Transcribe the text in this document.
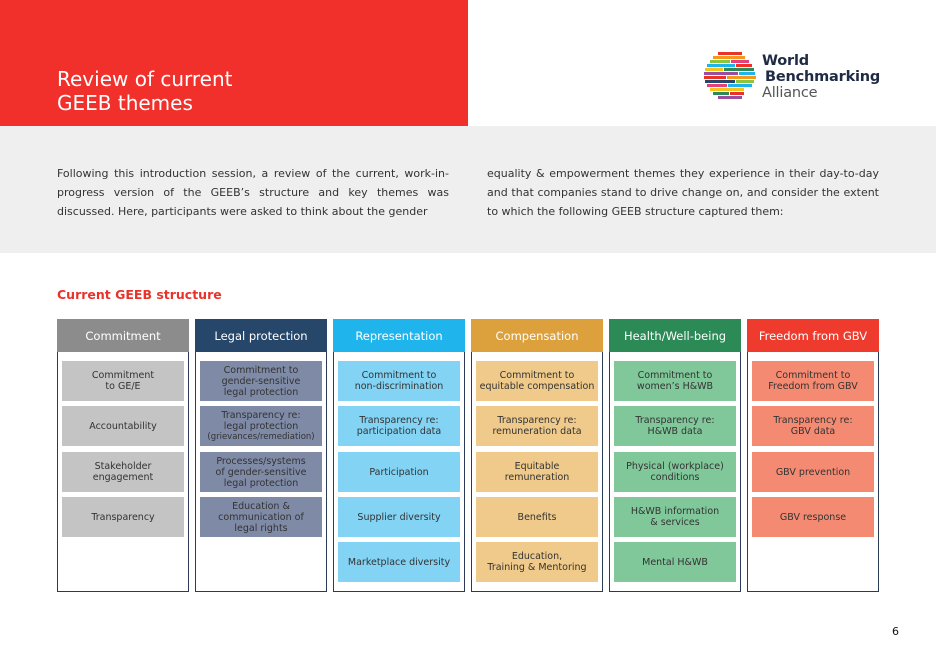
Review of current
GEEB themes
World
Benchmarking
Alliance

Following this introduction session, a review of the current, work-in-progress version of the GEEB’s structure and key themes was discussed. Here, participants were asked to think about the gender

equality & empowerment themes they experience in their day-to-day and that companies stand to drive change on, and consider the extent to which the following GEEB structure captured them:

Current GEEB structure
Commitment
Commitment
to GE/E
Accountability
Stakeholder
engagement
Transparency
Legal protection
Commitment to
gender-sensitive
legal protection
Transparency re:
legal protection
(grievances/remediation)
Processes/systems
of gender-sensitive
legal protection
Education &
communication of
legal rights
Representation
Commitment to
non-discrimination
Transparency re:
participation data
Participation
Supplier diversity
Marketplace diversity
Compensation
Commitment to
equitable compensation
Transparency re:
remuneration data
Equitable
remuneration
Benefits
Education,
Training & Mentoring
Health/Well-being
Commitment to
women’s H&WB
Transparency re:
H&WB data
Physical (workplace)
conditions
H&WB information
& services
Mental H&WB
Freedom from GBV
Commitment to
Freedom from GBV
Transparency re:
GBV data
GBV prevention
GBV response
6
